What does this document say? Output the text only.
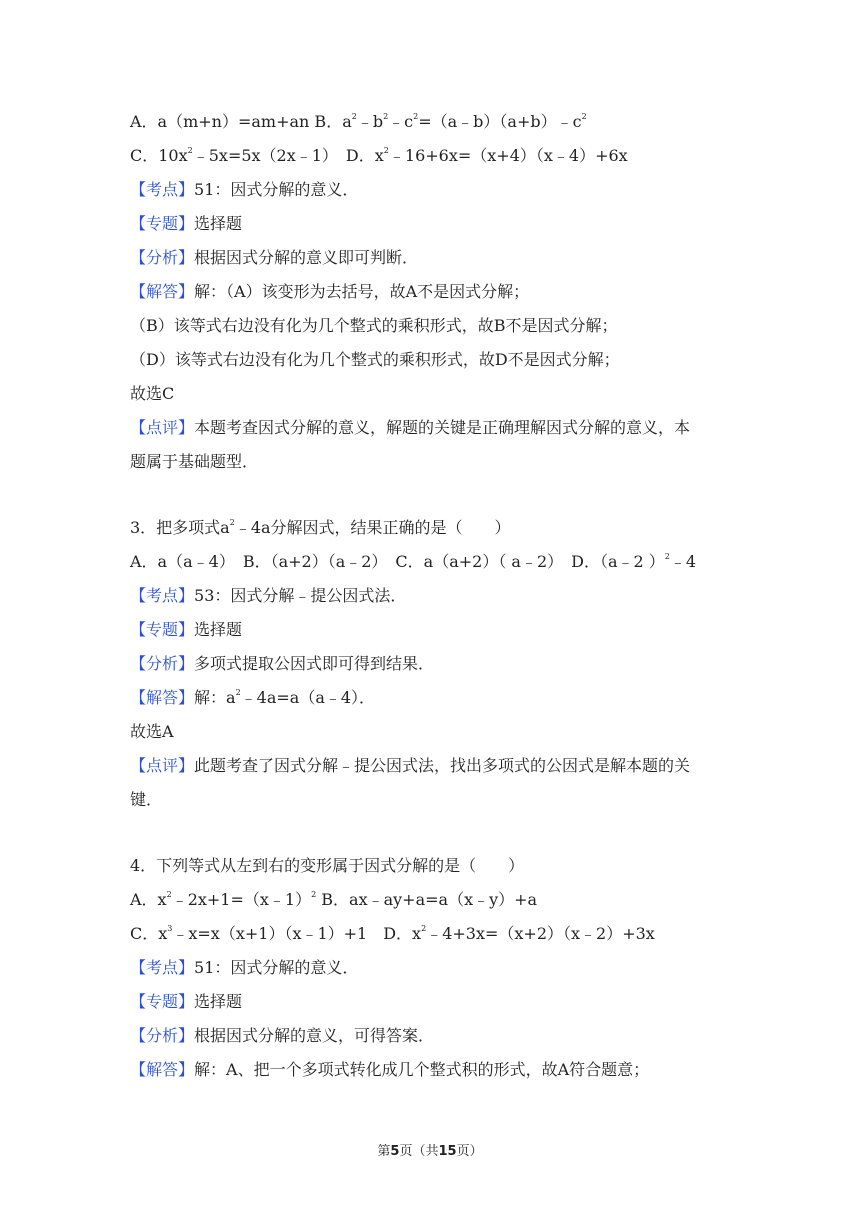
A．a（m+n）=am+an B．$a^2﹣b^2﹣c^2=(a﹣b)(a+b)﹣c^2$
C．$10x^2﹣5x=5x(2x﹣1)$　D．$x^2﹣16+6x=(x+4)(x﹣4)+6x$
【考点】51：因式分解的意义．
【专题】选择题
【分析】根据因式分解的意义即可判断．
【解答】解：（A）该变形为去括号，故A不是因式分解；
（B）该等式右边没有化为几个整式的乘积形式，故B不是因式分解；
（D）该等式右边没有化为几个整式的乘积形式，故D不是因式分解；
故选C
【点评】本题考查因式分解的意义，解题的关键是正确理解因式分解的意义，本
题属于基础题型．
3．把多项式$a^2﹣4a$分解因式，结果正确的是（　　）
A．a（a﹣4）　B．（a+2）（a﹣2）　C．a（a+2）（ a﹣2）　D．（a﹣2 ）$^2$﹣4
【考点】53：因式分解﹣提公因式法．
【专题】选择题
【分析】多项式提取公因式即可得到结果．
【解答】解：$a^2﹣4a=a(a﹣4)$．
故选A
【点评】此题考查了因式分解﹣提公因式法，找出多项式的公因式是解本题的关
键．
4．下列等式从左到右的变形属于因式分解的是（　　）
A．$x^2﹣2x+1=(x﹣1)^2$ B．ax﹣ay+a=a（x﹣y）+a
C．$x^3﹣x=x(x+1)(x﹣1)+1$　D．$x^2﹣4+3x=(x+2)(x﹣2)+3x$
【考点】51：因式分解的意义．
【专题】选择题
【分析】根据因式分解的意义，可得答案．
【解答】解：A、把一个多项式转化成几个整式积的形式，故A符合题意；
第5页（共15页）
